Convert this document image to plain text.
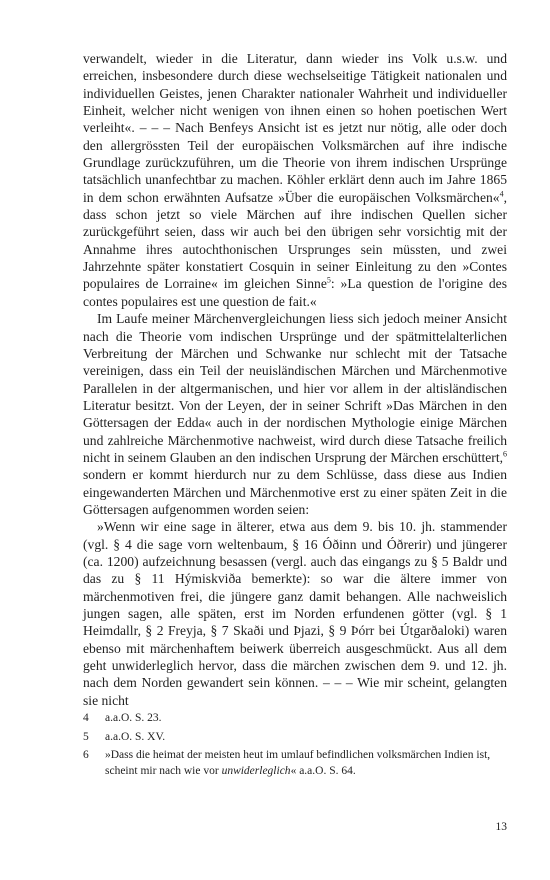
verwandelt, wieder in die Literatur, dann wieder ins Volk u.s.w. und erreichen, insbesondere durch diese wechselseitige Tätigkeit nationalen und individuellen Geistes, jenen Charakter nationaler Wahrheit und individueller Einheit, welcher nicht wenigen von ihnen einen so hohen poetischen Wert verleiht«. – – – Nach Benfeys Ansicht ist es jetzt nur nötig, alle oder doch den allergrössten Teil der europäischen Volksmärchen auf ihre indische Grundlage zurückzuführen, um die Theorie von ihrem indischen Ursprünge tatsächlich unanfechtbar zu machen. Köhler erklärt denn auch im Jahre 1865 in dem schon erwähnten Aufsatze »Über die europäischen Volksmärchen«$^4$, dass schon jetzt so viele Märchen auf ihre indischen Quellen sicher zurückgeführt seien, dass wir auch bei den übrigen sehr vorsichtig mit der Annahme ihres autochthonischen Ursprunges sein müssten, und zwei Jahrzehnte später konstatiert Cosquin in seiner Einleitung zu den »Contes populaires de Lorraine« im gleichen Sinne$^5$: »La question de l'origine des contes populaires est une question de fait.«

Im Laufe meiner Märchenvergleichungen liess sich jedoch meiner Ansicht nach die Theorie vom indischen Ursprünge und der spätmittelalterlichen Verbreitung der Märchen und Schwanke nur schlecht mit der Tatsache vereinigen, dass ein Teil der neuisländischen Märchen und Märchenmotive Parallelen in der altgermanischen, und hier vor allem in der altisländischen Literatur besitzt. Von der Leyen, der in seiner Schrift »Das Märchen in den Göttersagen der Edda« auch in der nordischen Mythologie einige Märchen und zahlreiche Märchenmotive nachweist, wird durch diese Tatsache freilich nicht in seinem Glauben an den indischen Ursprung der Märchen erschüttert,$^6$ sondern er kommt hierdurch nur zu dem Schlüsse, dass diese aus Indien eingewanderten Märchen und Märchenmotive erst zu einer späten Zeit in die Göttersagen aufgenommen worden seien:

»Wenn wir eine sage in älterer, etwa aus dem 9. bis 10. jh. stammender (vgl. § 4 die sage vorn weltenbaum, § 16 Óðinn und Óðrerir) und jüngerer (ca. 1200) aufzeichnung besassen (vergl. auch das eingangs zu § 5 Baldr und das zu § 11 Hýmiskviða bemerkte): so war die ältere immer von märchenmotiven frei, die jüngere ganz damit behangen. Alle nachweislich jungen sagen, alle späten, erst im Norden erfundenen götter (vgl. § 1 Heimdallr, § 2 Freyja, § 7 Skaði und Þjazi, § 9 Þórr bei Útgarðaloki) waren ebenso mit märchenhaftem beiwerk überreich ausgeschmückt. Aus all dem geht unwiderleglich hervor, dass die märchen zwischen dem 9. und 12. jh. nach dem Norden gewandert sein können. – – – Wie mir scheint, gelangten sie nicht

4	a.a.O. S. 23.
5	a.a.O. S. XV.
6	»Dass die heimat der meisten heut im umlauf befindlichen volksmärchen Indien ist, scheint mir nach wie vor unwiderleglich« a.a.O. S. 64.
13
